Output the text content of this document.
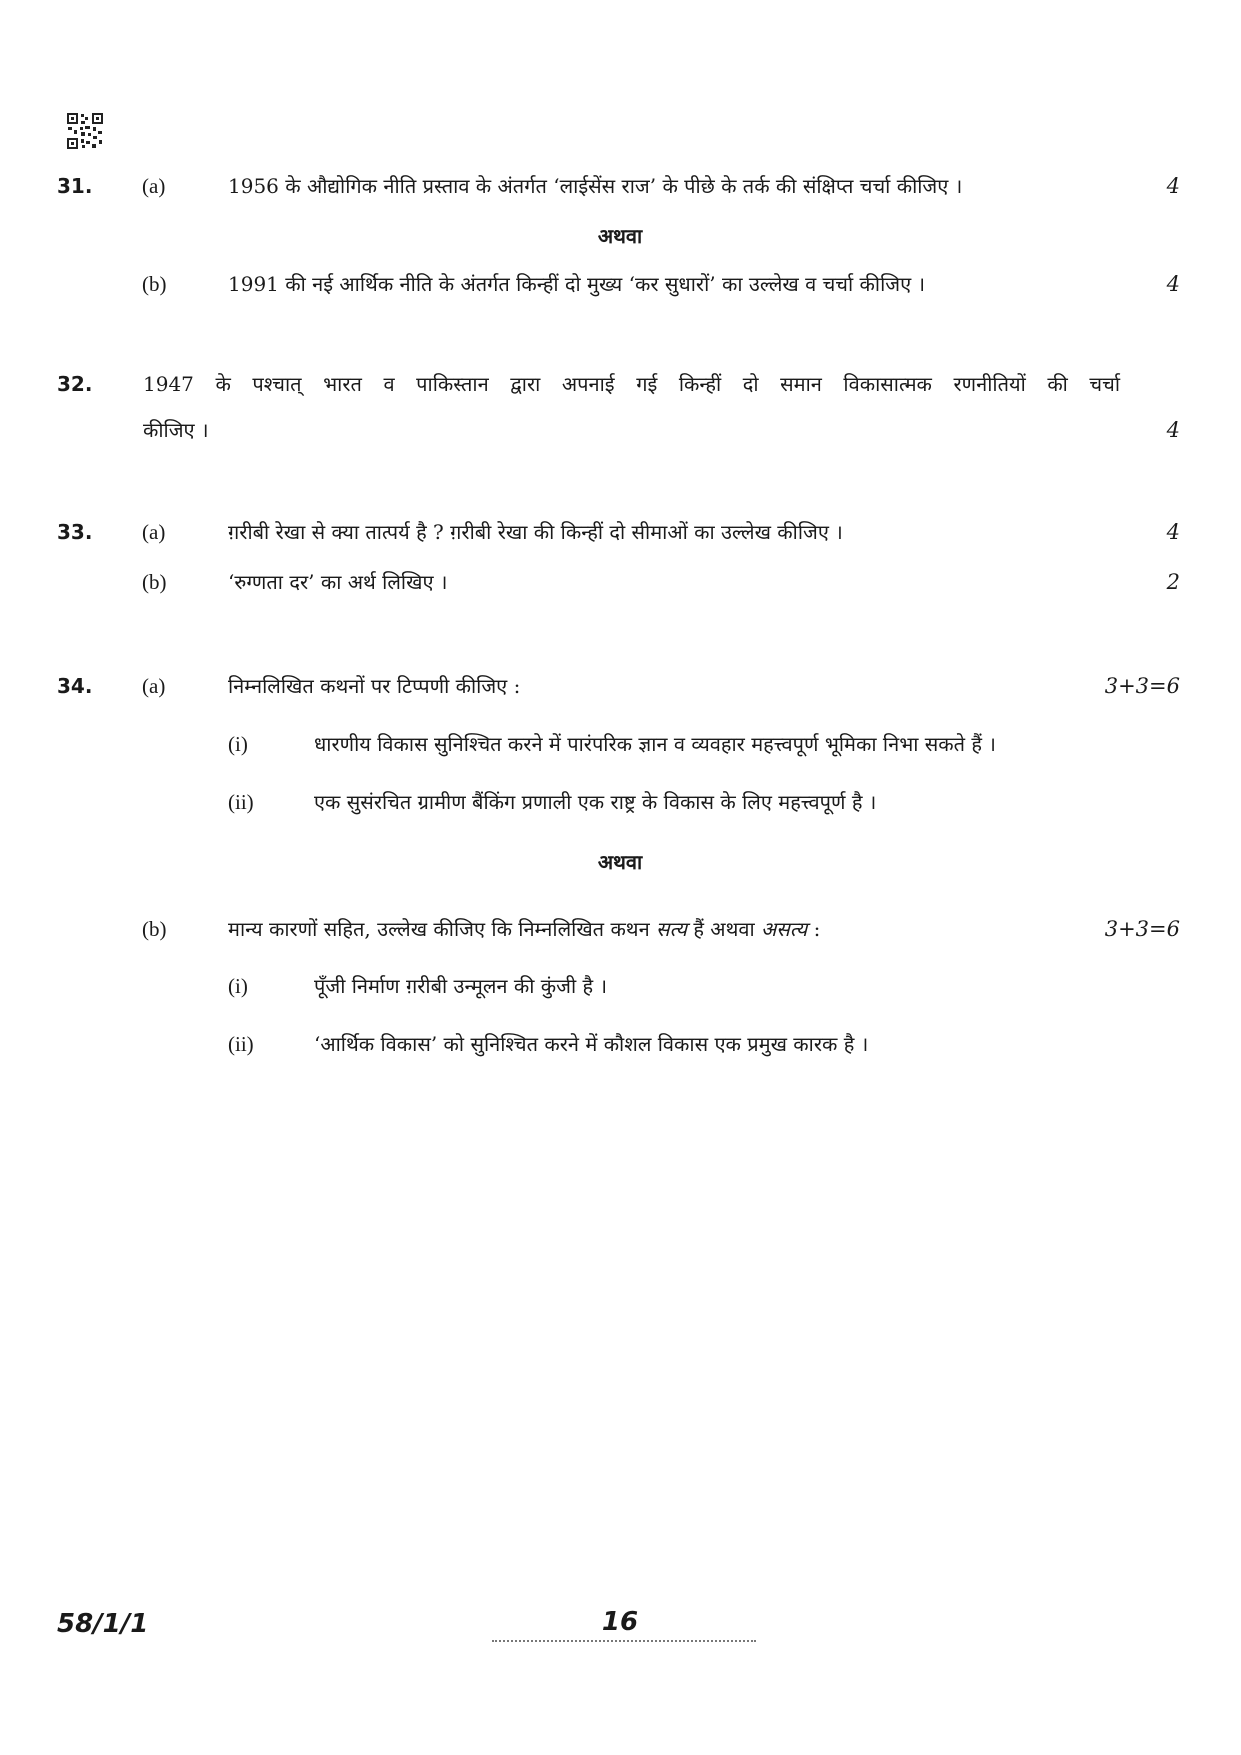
31. (a)	1956 के औद्योगिक नीति प्रस्ताव के अंतर्गत ‘लाईसेंस राज’ के पीछे के तर्क की संक्षिप्त चर्चा कीजिए ।	4
अथवा
(b)	1991 की नई आर्थिक नीति के अंतर्गत किन्हीं दो मुख्य ‘कर सुधारों’ का उल्लेख व चर्चा कीजिए ।	4
32.	1947 के पश्चात् भारत व पाकिस्तान द्वारा अपनाई गई किन्हीं दो समान विकासात्मक रणनीतियों की चर्चा
कीजिए ।	4
33. (a)	ग़रीबी रेखा से क्या तात्पर्य है ? ग़रीबी रेखा की किन्हीं दो सीमाओं का उल्लेख कीजिए ।	4
(b)	‘रुग्णता दर’ का अर्थ लिखिए ।	2
34. (a)	निम्नलिखित कथनों पर टिप्पणी कीजिए :	3+3=6
(i)	धारणीय विकास सुनिश्चित करने में पारंपरिक ज्ञान व व्यवहार महत्त्वपूर्ण भूमिका निभा सकते हैं ।
(ii)	एक सुसंरचित ग्रामीण बैंकिंग प्रणाली एक राष्ट्र के विकास के लिए महत्त्वपूर्ण है ।
अथवा
(b)	मान्य कारणों सहित, उल्लेख कीजिए कि निम्नलिखित कथन सत्य हैं अथवा असत्य :	3+3=6
(i)	पूँजी निर्माण ग़रीबी उन्मूलन की कुंजी है ।
(ii)	‘आर्थिक विकास’ को सुनिश्चित करने में कौशल विकास एक प्रमुख कारक है ।
58/1/1	16
